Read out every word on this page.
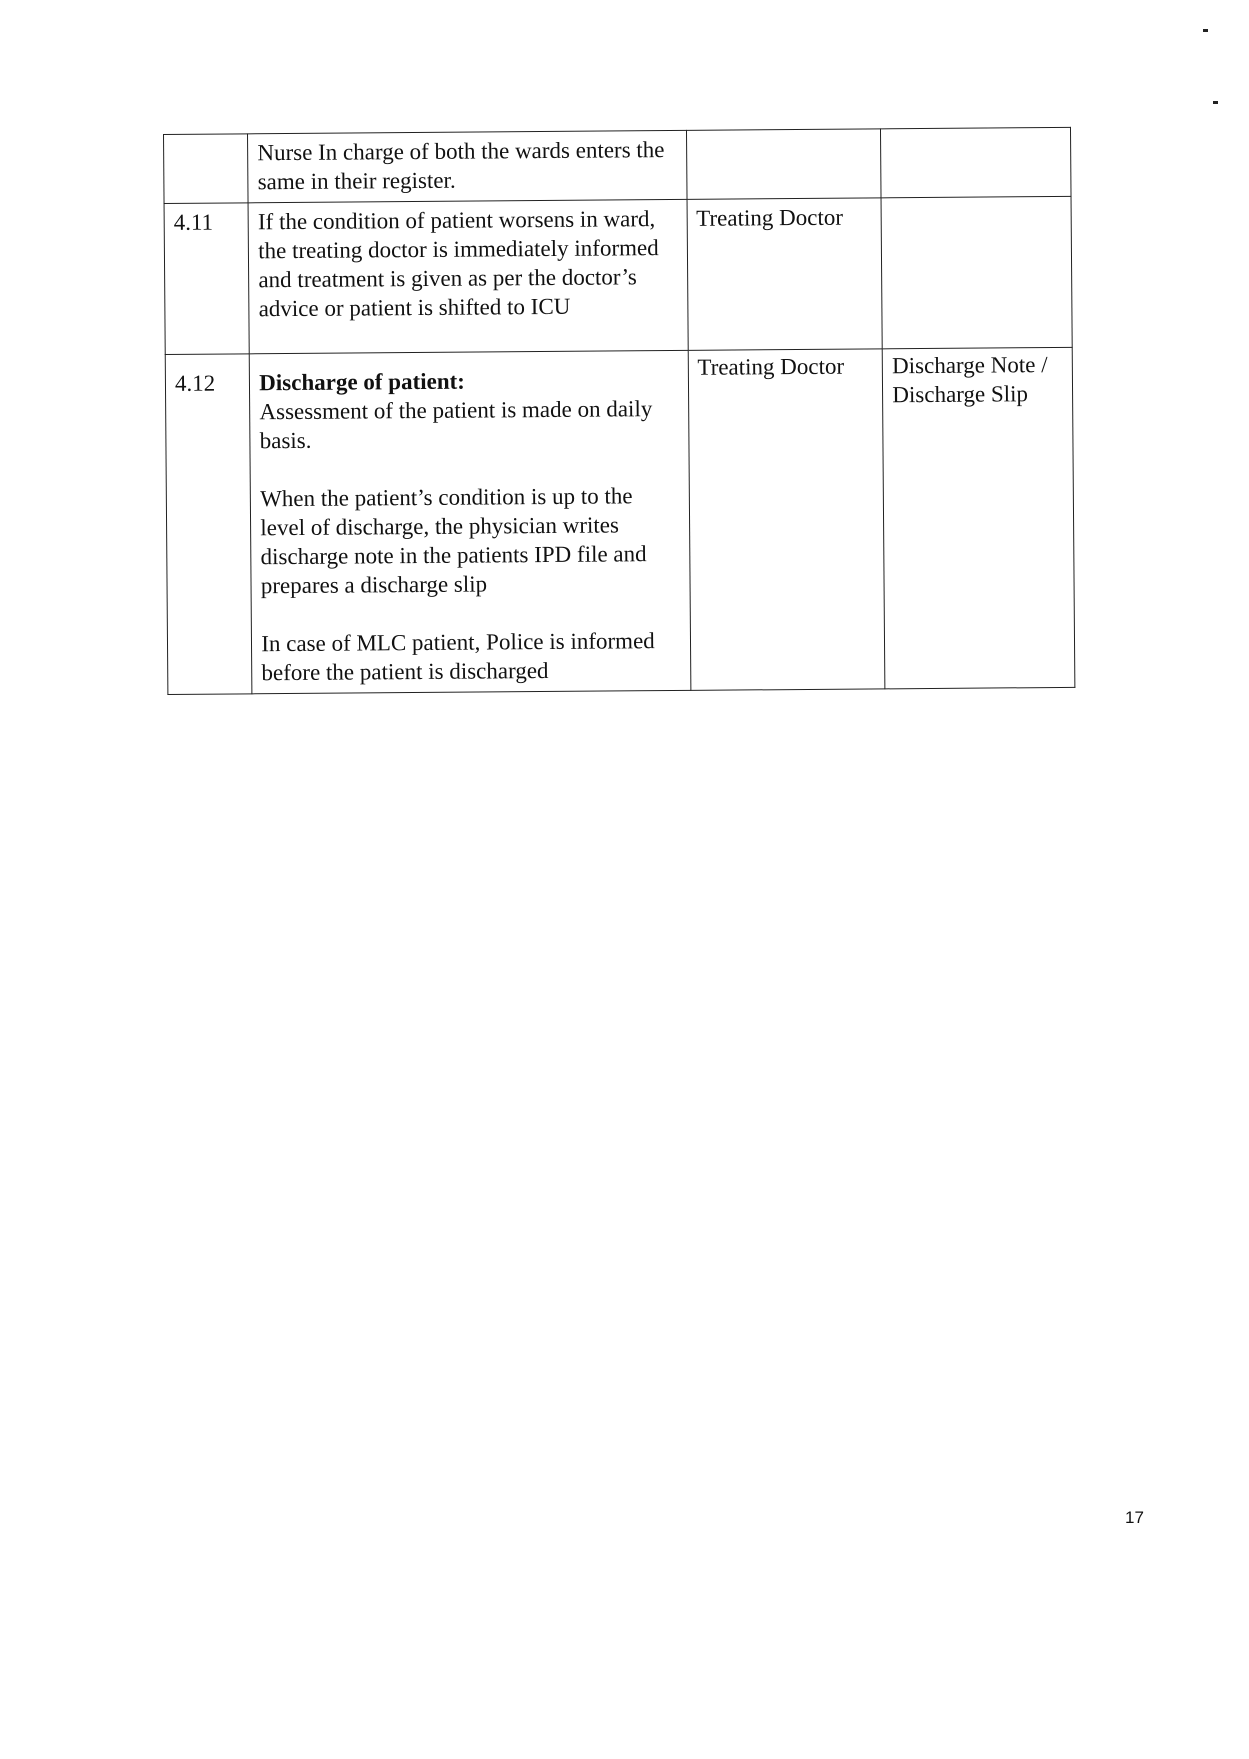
	Nurse In charge of both the wards enters the same in their register.		

4.11	If the condition of patient worsens in ward, the treating doctor is immediately informed and treatment is given as per the doctor’s advice or patient is shifted to ICU	Treating Doctor	

4.12	Discharge of patient:
Assessment of the patient is made on daily basis.
When the patient’s condition is up to the level of discharge, the physician writes discharge note in the patients IPD file and prepares a discharge slip
In case of MLC patient, Police is informed before the patient is discharged	Treating Doctor	Discharge Note / Discharge Slip
17
